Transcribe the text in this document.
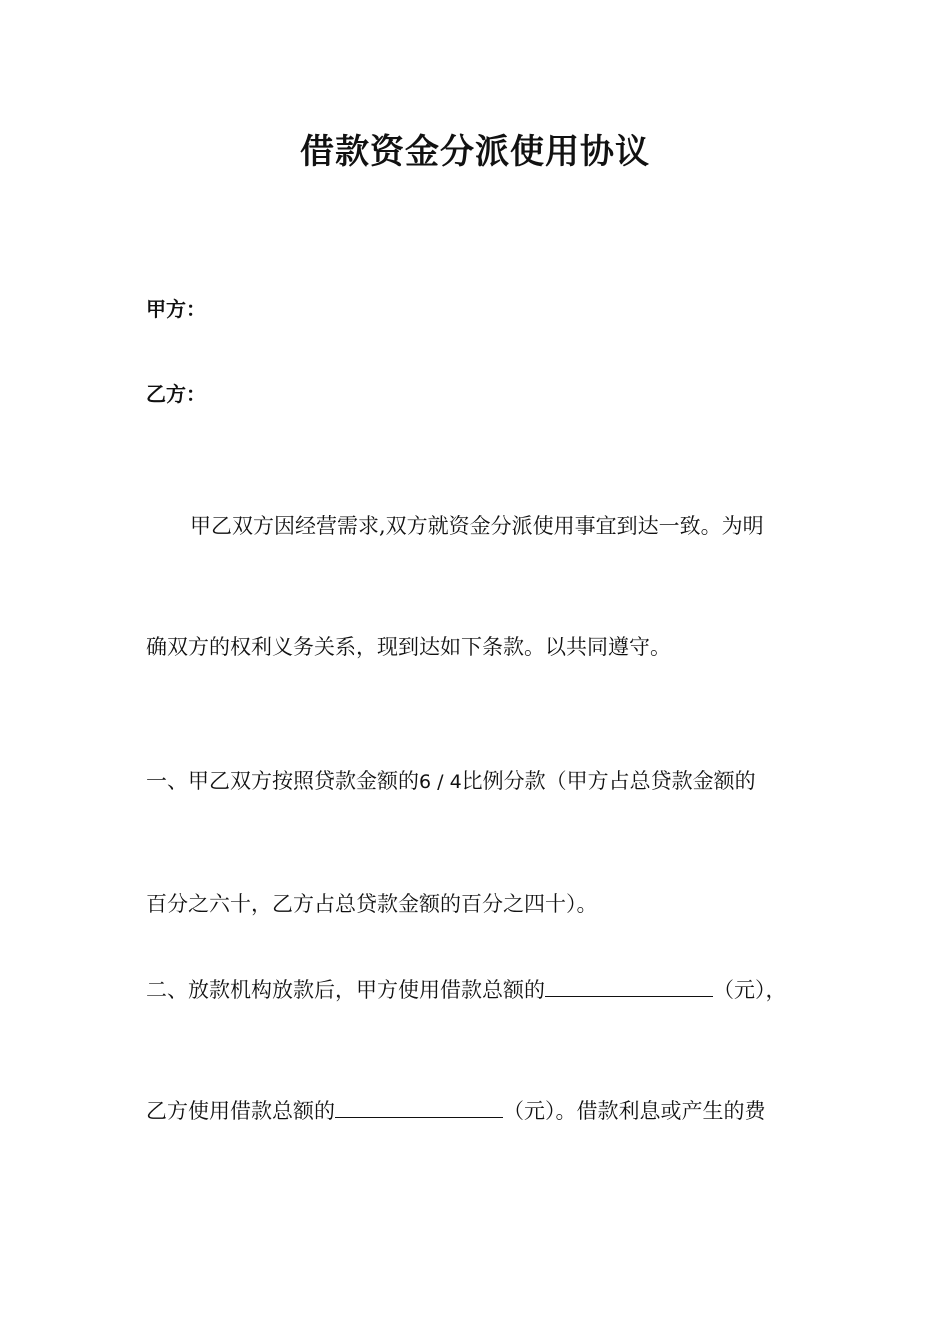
借款资金分派使用协议

甲方：

乙方：

甲乙双方因经营需求,双方就资金分派使用事宜到达一致。为明

确双方的权利义务关系，现到达如下条款。以共同遵守。

一、甲乙双方按照贷款金额的6 / 4比例分款（甲方占总贷款金额的

百分之六十，乙方占总贷款金额的百分之四十）。

二、放款机构放款后，甲方使用借款总额的	（元），

乙方使用借款总额的	（元）。借款利息或产生的费
